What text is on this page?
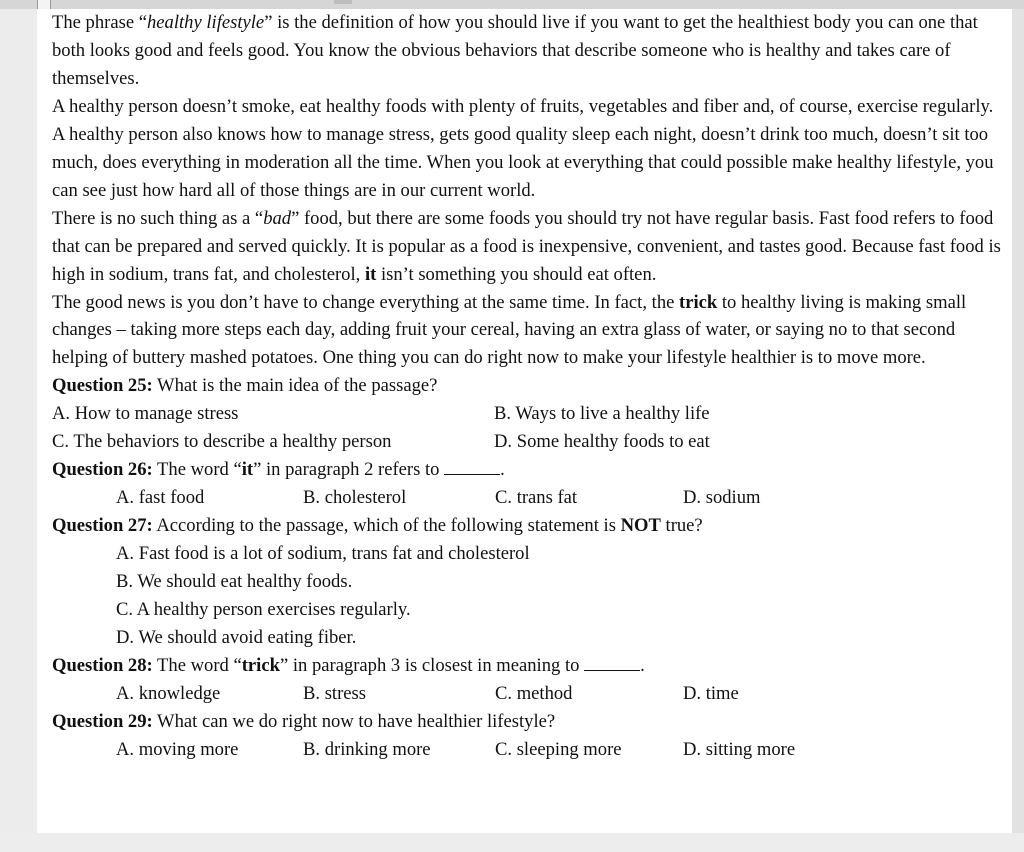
The phrase “healthy lifestyle” is the definition of how you should live if you want to get the healthiest body you can one that both looks good and feels good. You know the obvious behaviors that describe someone who is healthy and takes care of themselves.

A healthy person doesn’t smoke, eat healthy foods with plenty of fruits, vegetables and fiber and, of course, exercise regularly. A healthy person also knows how to manage stress, gets good quality sleep each night, doesn’t drink too much, doesn’t sit too much, does everything in moderation all the time. When you look at everything that could possible make healthy lifestyle, you can see just how hard all of those things are in our current world.

There is no such thing as a “bad” food, but there are some foods you should try not have regular basis. Fast food refers to food that can be prepared and served quickly. It is popular as a food is inexpensive, convenient, and tastes good. Because fast food is high in sodium, trans fat, and cholesterol, it isn’t something you should eat often.

The good news is you don’t have to change everything at the same time. In fact, the trick to healthy living is making small changes – taking more steps each day, adding fruit your cereal, having an extra glass of water, or saying no to that second helping of buttery mashed potatoes. One thing you can do right now to make your lifestyle healthier is to move more.

Question 25: What is the main idea of the passage?

A. How to manage stress	B. Ways to live a healthy life
C. The behaviors to describe a healthy person	D. Some healthy foods to eat

Question 26: The word “it” in paragraph 2 refers to	.

A. fast food	B. cholesterol	C. trans fat	D. sodium

Question 27: According to the passage, which of the following statement is NOT true?

A. Fast food is a lot of sodium, trans fat and cholesterol
B. We should eat healthy foods.
C. A healthy person exercises regularly.
D. We should avoid eating fiber.

Question 28: The word “trick” in paragraph 3 is closest in meaning to	.

A. knowledge	B. stress	C. method	D. time

Question 29: What can we do right now to have healthier lifestyle?

A. moving more	B. drinking more	C. sleeping more	D. sitting more
